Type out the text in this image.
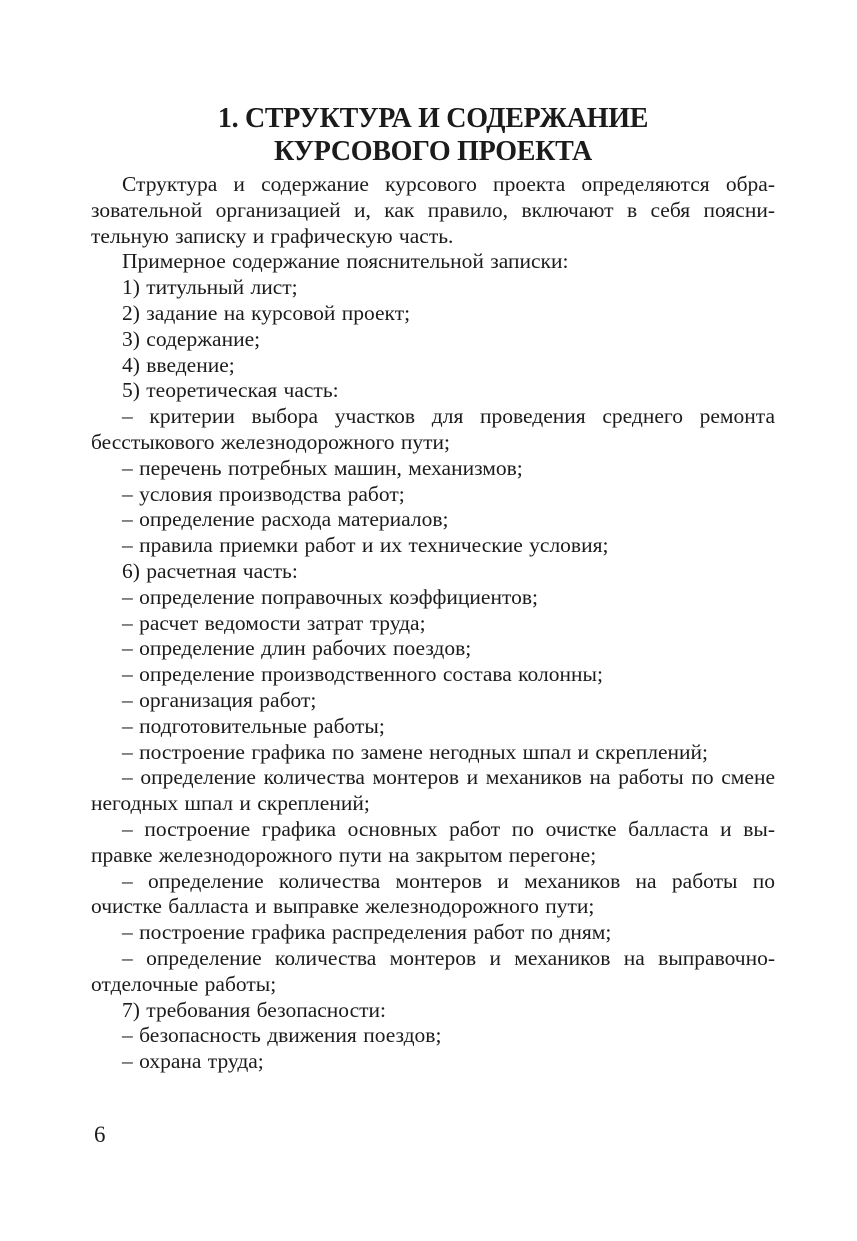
1. СТРУКТУРА И СОДЕРЖАНИЕ
КУРСОВОГО ПРОЕКТА

Структура и содержание курсового проекта определяются образовательной организацией и, как правило, включают в себя пояснительную записку и графическую часть.

Примерное содержание пояснительной записки:

1) титульный лист;

2) задание на курсовой проект;

3) содержание;

4) введение;

5) теоретическая часть:

– критерии выбора участков для проведения среднего ремонта бесстыкового железнодорожного пути;

– перечень потребных машин, механизмов;

– условия производства работ;

– определение расхода материалов;

– правила приемки работ и их технические условия;

6) расчетная часть:

– определение поправочных коэффициентов;

– расчет ведомости затрат труда;

– определение длин рабочих поездов;

– определение производственного состава колонны;

– организация работ;

– подготовительные работы;

– построение графика по замене негодных шпал и скреплений;

– определение количества монтеров и механиков на работы по смене негодных шпал и скреплений;

– построение графика основных работ по очистке балласта и выправке железнодорожного пути на закрытом перегоне;

– определение количества монтеров и механиков на работы по очистке балласта и выправке железнодорожного пути;

– построение графика распределения работ по дням;

– определение количества монтеров и механиков на выправочно-отделочные работы;

7) требования безопасности:

– безопасность движения поездов;

– охрана труда;

6
